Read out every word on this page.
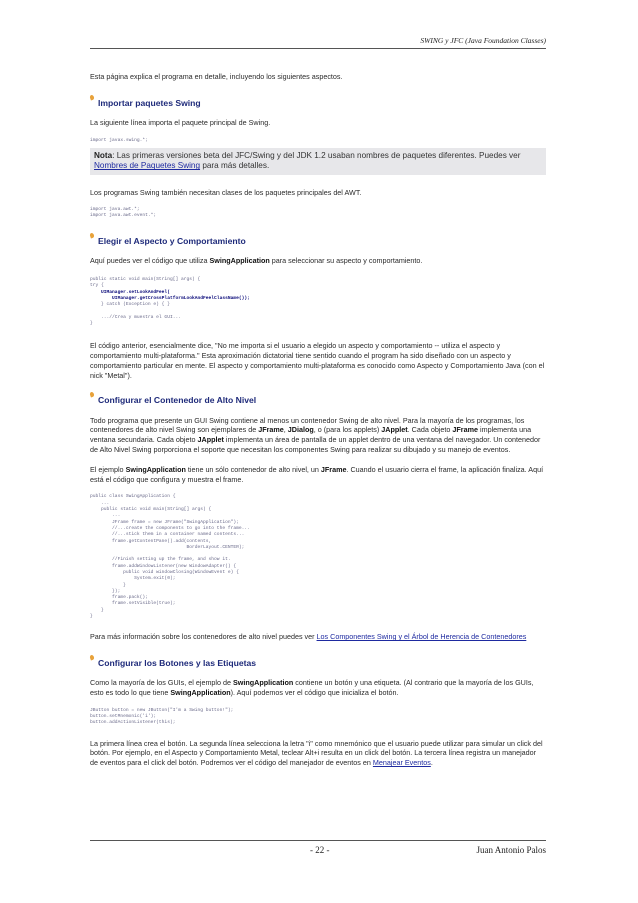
SWING y JFC (Java Foundation Classes)

Esta página explica el programa en detalle, incluyendo los siguientes aspectos.

Importar paquetes Swing

La siguiente línea importa el paquete principal de Swing.

import javax.swing.*;
Nota: Las primeras versiones beta del JFC/Swing y del JDK 1.2 usaban nombres de paquetes diferentes. Puedes ver Nombres de Paquetes Swing para más detalles.

Los programas Swing también necesitan clases de los paquetes principales del AWT.

import java.awt.*;
import java.awt.event.*;
Elegir el Aspecto y Comportamiento

Aquí puedes ver el código que utiliza SwingApplication para seleccionar su aspecto y comportamiento.

public static void main(String[] args) {
try {
UIManager.setLookAndFeel(
UIManager.getCrossPlatformLookAndFeelClassName());
} catch (Exception e) { }

...//Crea y muestra el GUI...
}

El código anterior, esencialmente dice, "No me importa si el usuario a elegido un aspecto y comportamiento -- utiliza el aspecto y comportamiento multi-plataforma." Esta aproximación dictatorial tiene sentido cuando el program ha sido diseñado con un aspecto y comportamiento particular en mente. El aspecto y comportamiento multi-plataforma es conocido como Aspecto y Comportamiento Java (con el nick "Metal").

Configurar el Contenedor de Alto Nivel

Todo programa que presente un GUI Swing contiene al menos un contenedor Swing de alto nivel. Para la mayoría de los programas, los contenedores de alto nivel Swing son ejemplares de JFrame, JDialog, o (para los applets) JApplet. Cada objeto JFrame implementa una ventana secundaria. Cada objeto JApplet implementa un área de pantalla de un applet dentro de una ventana del navegador. Un contenedor de Alto Nivel Swing porporciona el soporte que necesitan los componentes Swing para realizar su dibujado y su manejo de eventos.

El ejemplo SwingApplication tiene un sólo contenedor de alto nivel, un JFrame. Cuando el usuario cierra el frame, la aplicación finaliza. Aquí está el código que configura y muestra el frame.

public class SwingApplication {
...
public static void main(String[] args) {
...
JFrame frame = new JFrame("SwingApplication");
//...create the components to go into the frame...
//...stick them in a container named contents...
frame.getContentPane().add(contents,
BorderLayout.CENTER);

//Finish setting up the frame, and show it.
frame.addWindowListener(new WindowAdapter() {
public void windowClosing(WindowEvent e) {
System.exit(0);
}
});
frame.pack();
frame.setVisible(true);
}
}

Para más información sobre los contenedores de alto nivel puedes ver Los Componentes Swing y el Árbol de Herencia de Contenedores

Configurar los Botones y las Etiquetas

Como la mayoría de los GUIs, el ejemplo de SwingApplication contiene un botón y una etiqueta. (Al contrario que la mayoría de los GUIs, esto es todo lo que tiene SwingApplication). Aquí podemos ver el código que inicializa el botón.

JButton button = new JButton("I'm a Swing button!");
button.setMnemonic('i');
button.addActionListener(this);

La primera línea crea el botón. La segunda línea selecciona la letra "i" como mnemónico que el usuario puede utilizar para simular un click del botón. Por ejemplo, en el Aspecto y Comportamiento Metal, teclear Alt+i resulta en un click del botón. La tercera línea registra un manejador de eventos para el click del botón. Podremos ver el código del manejador de eventos en Menajear Eventos.

- 22 -	Juan Antonio Palos
